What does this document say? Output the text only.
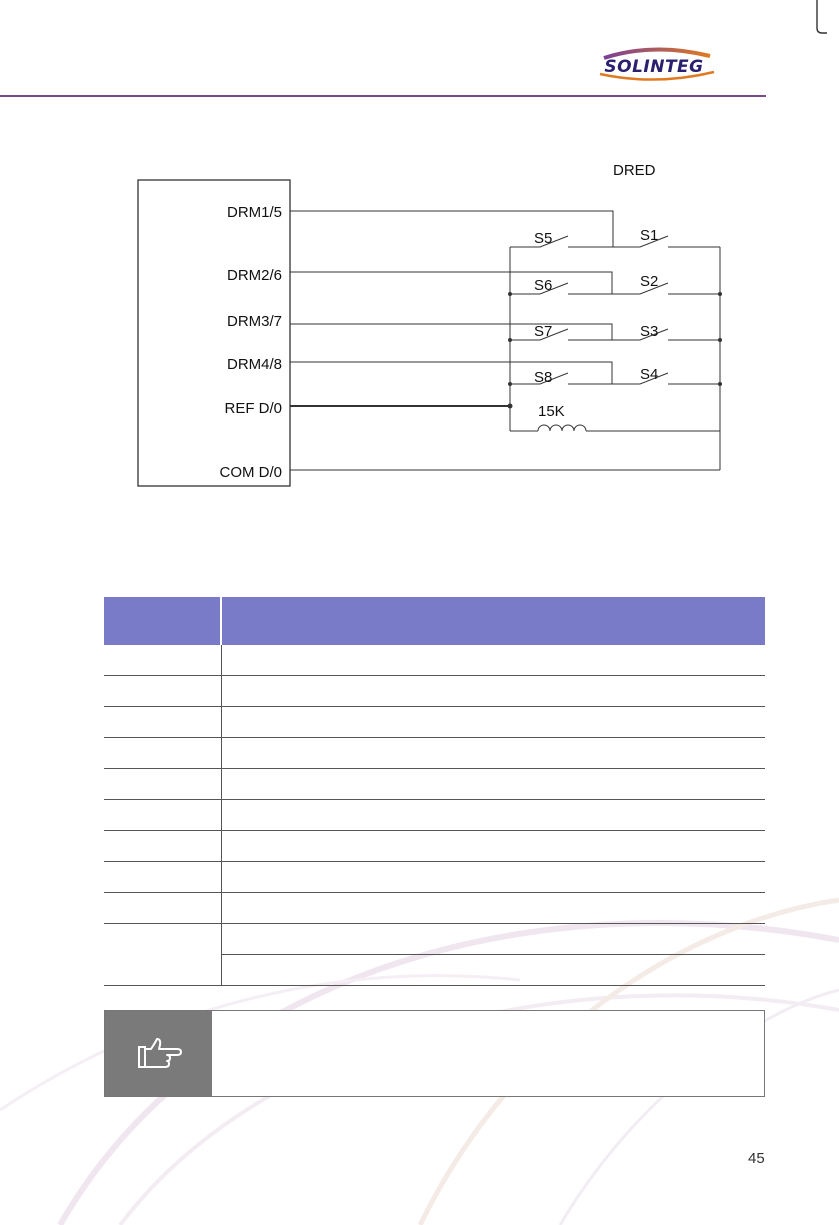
SOLINTEG
DRED
DRM1/5
DRM2/6
DRM3/7
DRM4/8
REF D/0
COM D/0
S5	S1
S6	S2
S7	S3
S8	S4
15K

45
